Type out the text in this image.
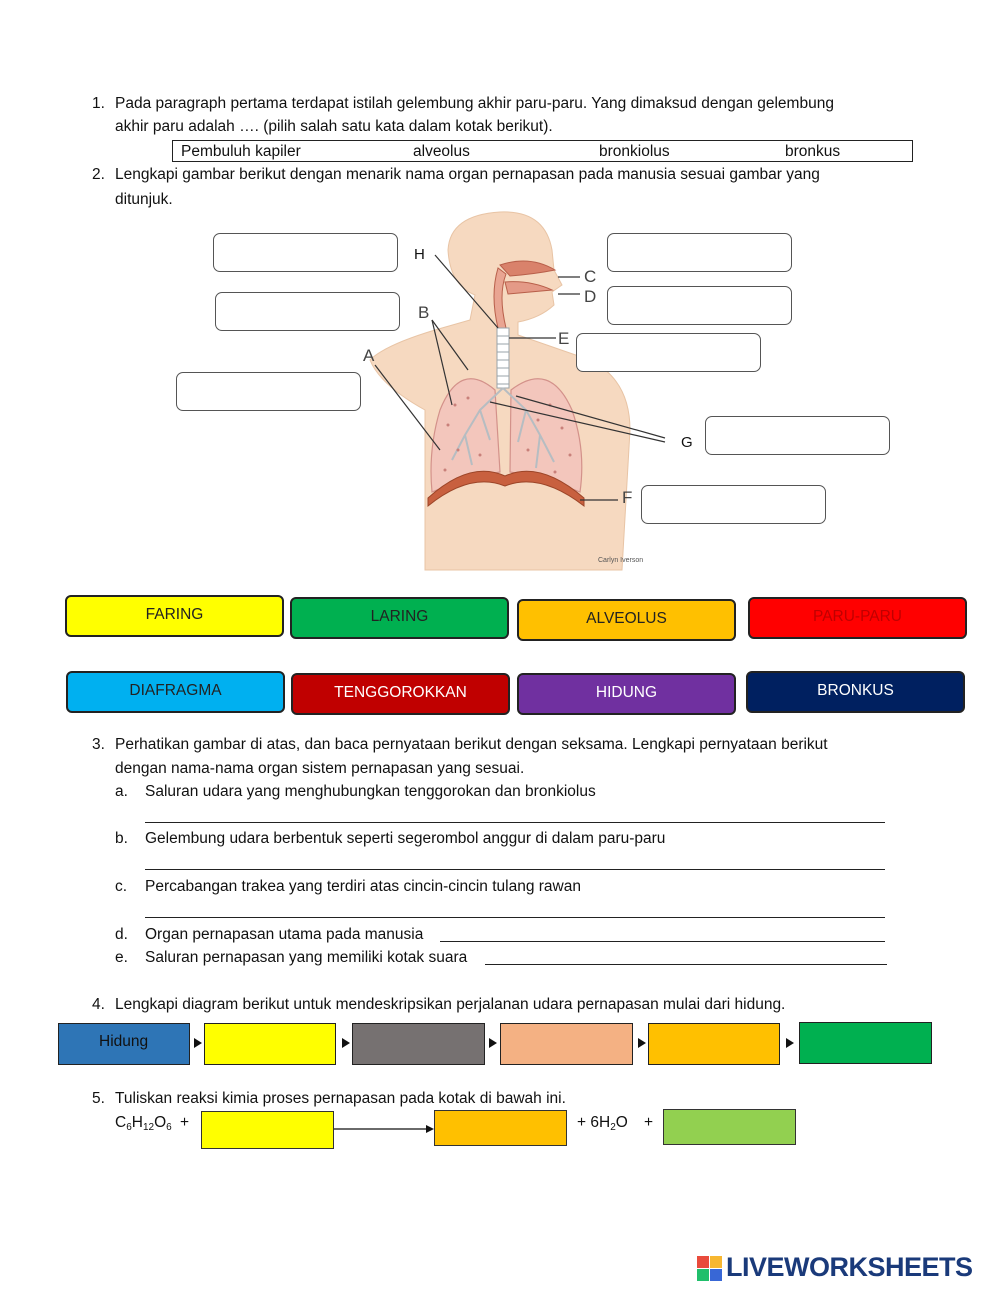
1. Pada paragraph pertama terdapat istilah gelembung akhir paru-paru. Yang dimaksud dengan gelembung
akhir paru adalah …. (pilih salah satu kata dalam kotak berikut).
Pembuluh kapiler	alveolus	bronkiolus	bronkus
2. Lengkapi gambar berikut dengan menarik nama organ pernapasan pada manusia sesuai gambar yang
ditunjuk.
H
B
A
C
D
E
G
F
Carlyn Iverson
FARING	LARING	ALVEOLUS	PARU-PARU
DIAFRAGMA	TENGGOROKKAN	HIDUNG	BRONKUS
3. Perhatikan gambar di atas, dan baca pernyataan berikut dengan seksama. Lengkapi pernyataan berikut
dengan nama-nama organ sistem pernapasan yang sesuai.
a. Saluran udara yang menghubungkan tenggorokan dan bronkiolus
b. Gelembung udara berbentuk seperti segerombol anggur di dalam paru-paru
c. Percabangan trakea yang terdiri atas cincin-cincin tulang rawan
d. Organ pernapasan utama pada manusia
e. Saluran pernapasan yang memiliki kotak suara
4. Lengkapi diagram berikut untuk mendeskripsikan perjalanan udara pernapasan mulai dari hidung.
Hidung
5. Tuliskan reaksi kimia proses pernapasan pada kotak di bawah ini.
$C_6H_{12}O_6$ +	+ $6H_2O$ +
LIVEWORKSHEETS
